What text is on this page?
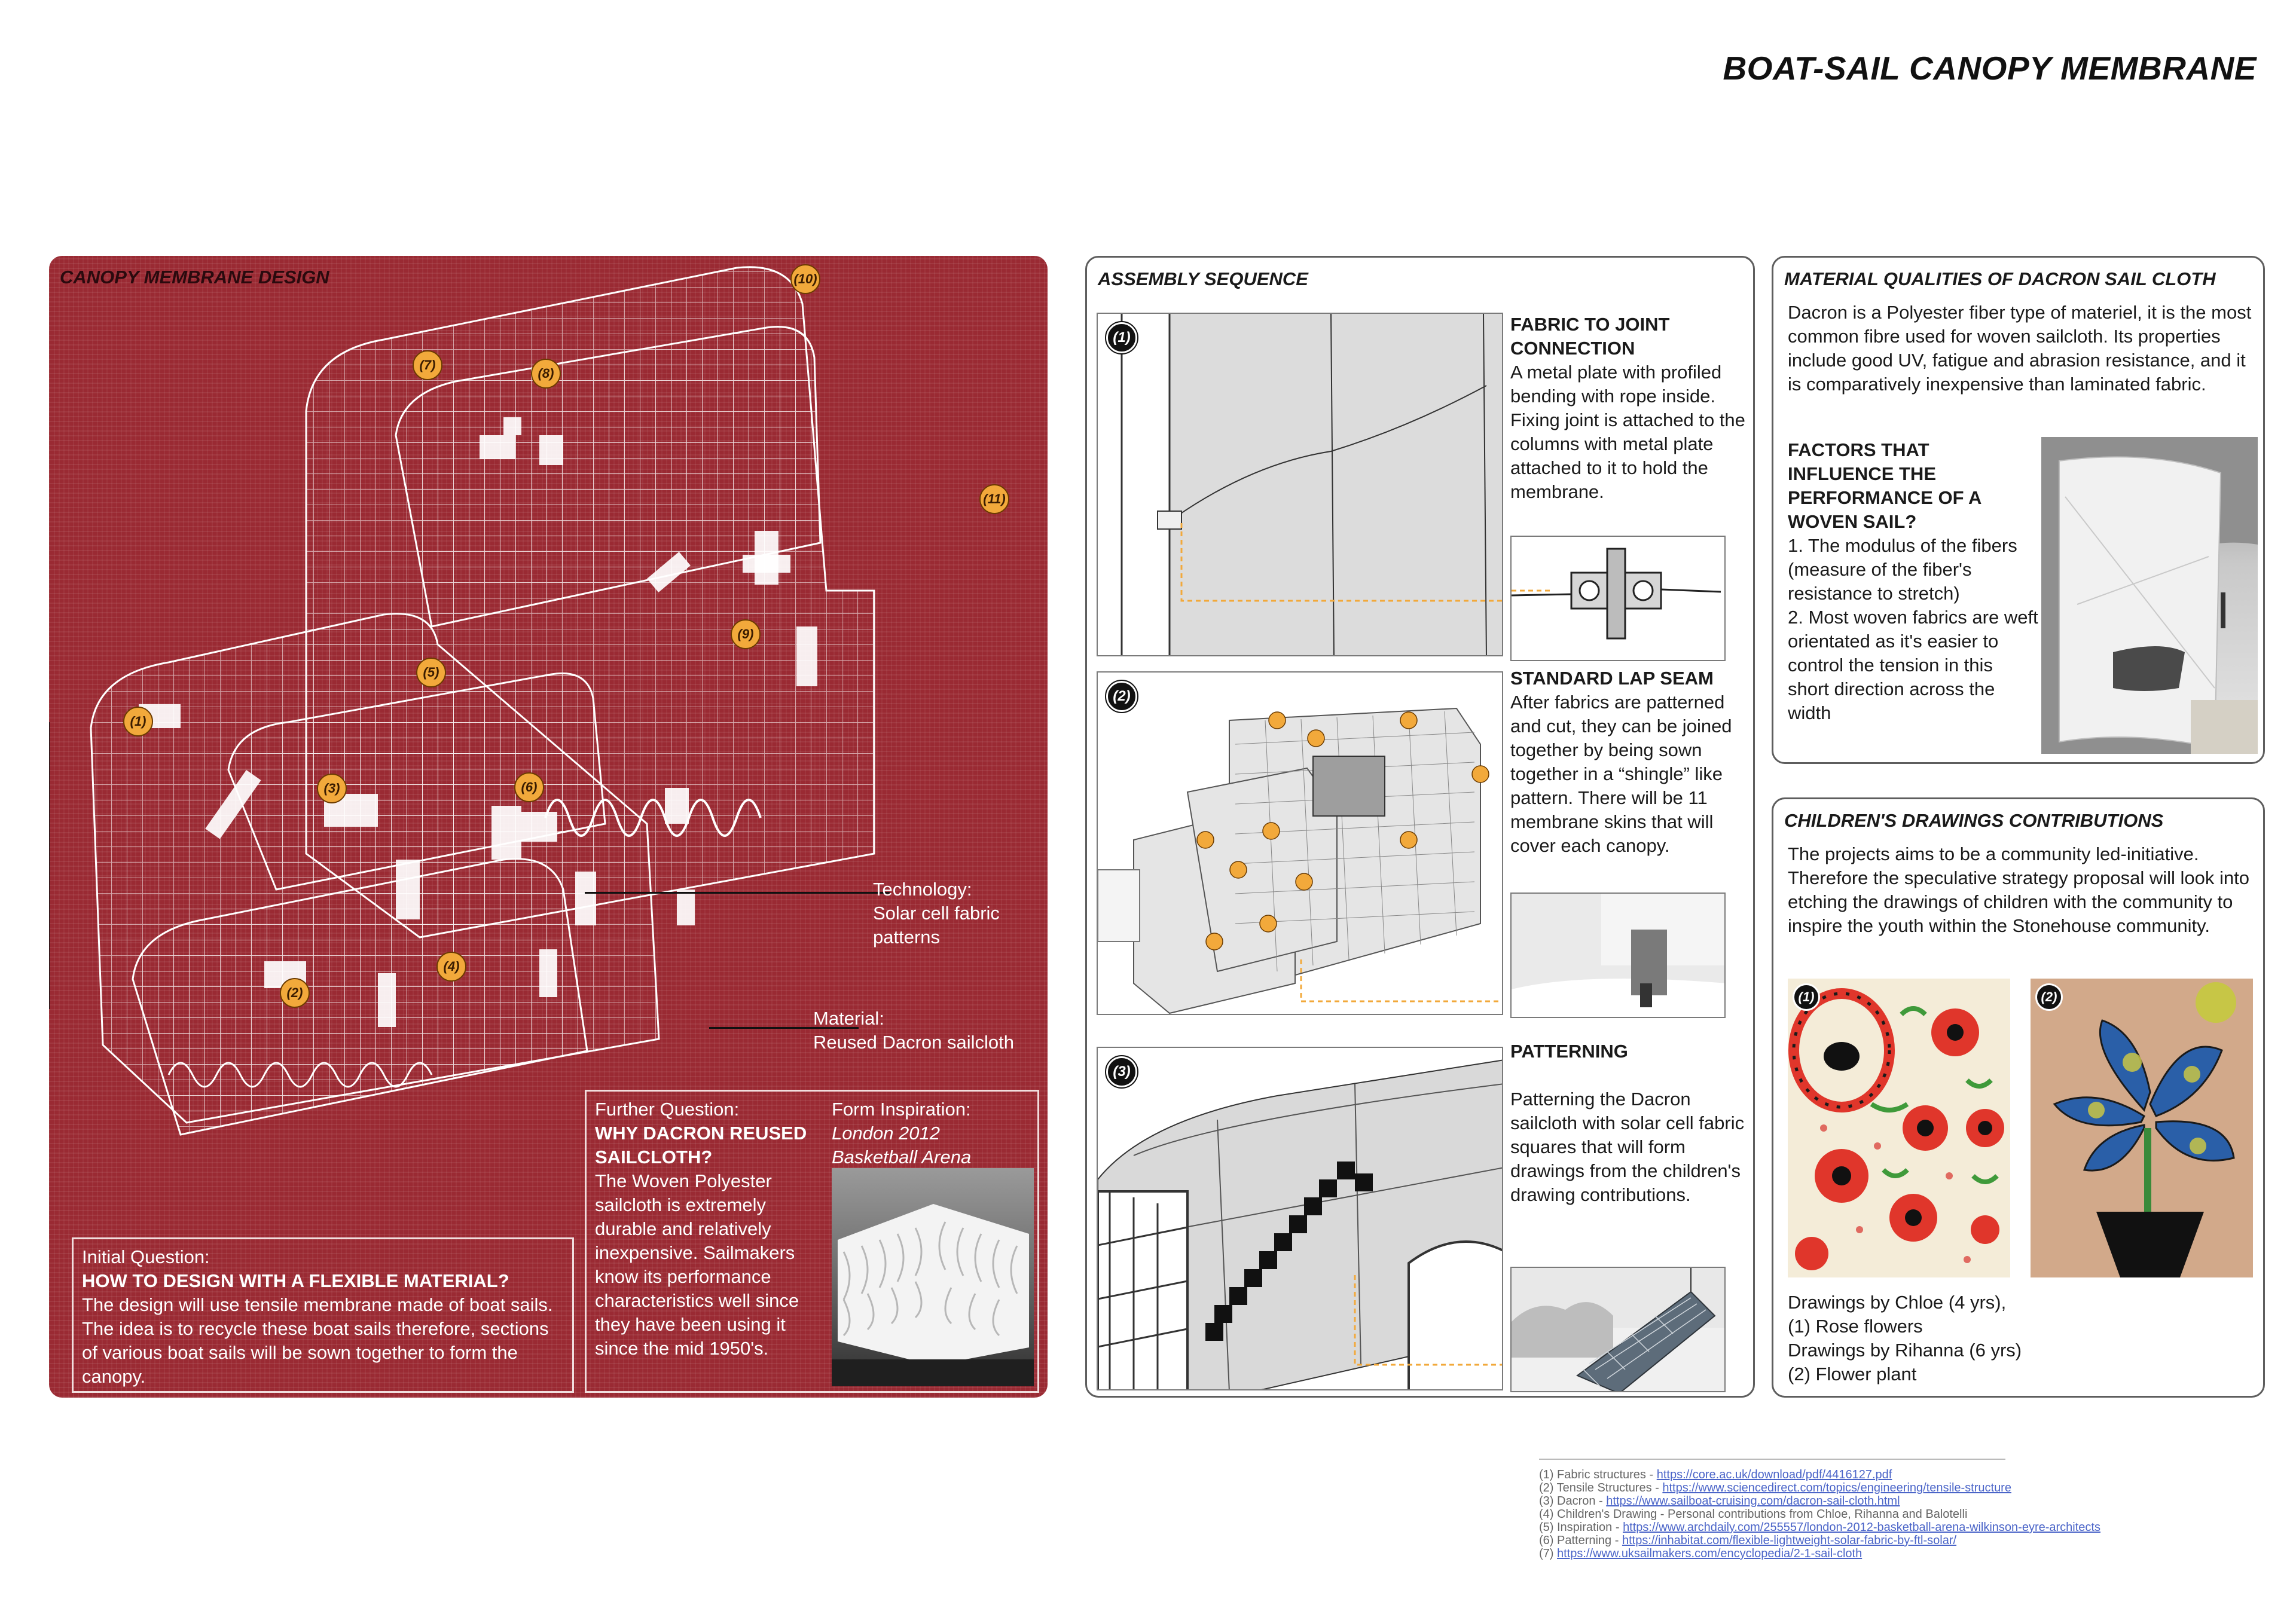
BOAT-SAIL CANOPY MEMBRANE
CANOPY MEMBRANE DESIGN	(10)
(7)
(8)
(11)
(9)
(5)
(1)
(3)	(6)
(4)
(2)
Technology:
Solar cell fabric
patterns
Material:
Reused Dacron sailcloth
Initial Question:
HOW TO DESIGN WITH A FLEXIBLE MATERIAL?
The design will use tensile membrane made of boat sails. The idea is to recycle these boat sails therefore, sections of various boat sails will be sown together to form the canopy.
Further Question:
WHY DACRON REUSED SAILCLOTH?
The Woven Polyester sailcloth is extremely durable and relatively inexpensive. Sailmakers know its performance characteristics well since they have been using it since the mid 1950's.
Form Inspiration:
London 2012 Basketball Arena
ASSEMBLY SEQUENCE
(1)
FABRIC TO JOINT CONNECTION
A metal plate with profiled bending with rope inside. Fixing joint is attached to the columns with metal plate attached to it to hold the membrane.
(2)
STANDARD LAP SEAM
After fabrics are patterned and cut, they can be joined together by being sown together in a “shingle” like pattern. There will be 11 membrane skins that will cover each canopy.
(3)
PATTERNING
Patterning the Dacron sailcloth with solar cell fabric squares that will form drawings from the children's drawing contributions.
MATERIAL QUALITIES OF DACRON SAIL CLOTH
Dacron is a Polyester fiber type of materiel, it is the most common fibre used for woven sailcloth. Its properties include good UV, fatigue and abrasion resistance, and it is comparatively inexpensive than laminated fabric.
FACTORS THAT INFLUENCE THE PERFORMANCE OF A WOVEN SAIL?
1. The modulus of the fibers (measure of the fiber's resistance to stretch)
2. Most woven fabrics are weft orientated as it's easier to control the tension in this short direction across the width
CHILDREN'S DRAWINGS CONTRIBUTIONS
The projects aims to be a community led-initiative. Therefore the speculative strategy proposal will look into etching the drawings of children with the community to inspire the youth within the Stonehouse community.
(1)	(2)
Drawings by Chloe (4 yrs),
(1) Rose flowers
Drawings by Rihanna (6 yrs)
(2) Flower plant
(1) Fabric structures - https://core.ac.uk/download/pdf/4416127.pdf
(2) Tensile Structures - https://www.sciencedirect.com/topics/engineering/tensile-structure
(3) Dacron - https://www.sailboat-cruising.com/dacron-sail-cloth.html
(4) Children's Drawing - Personal contributions from Chloe, Rihanna and Balotelli
(5) Inspiration - https://www.archdaily.com/255557/london-2012-basketball-arena-wilkinson-eyre-architects
(6) Patterning - https://inhabitat.com/flexible-lightweight-solar-fabric-by-ftl-solar/
(7) https://www.uksailmakers.com/encyclopedia/2-1-sail-cloth
